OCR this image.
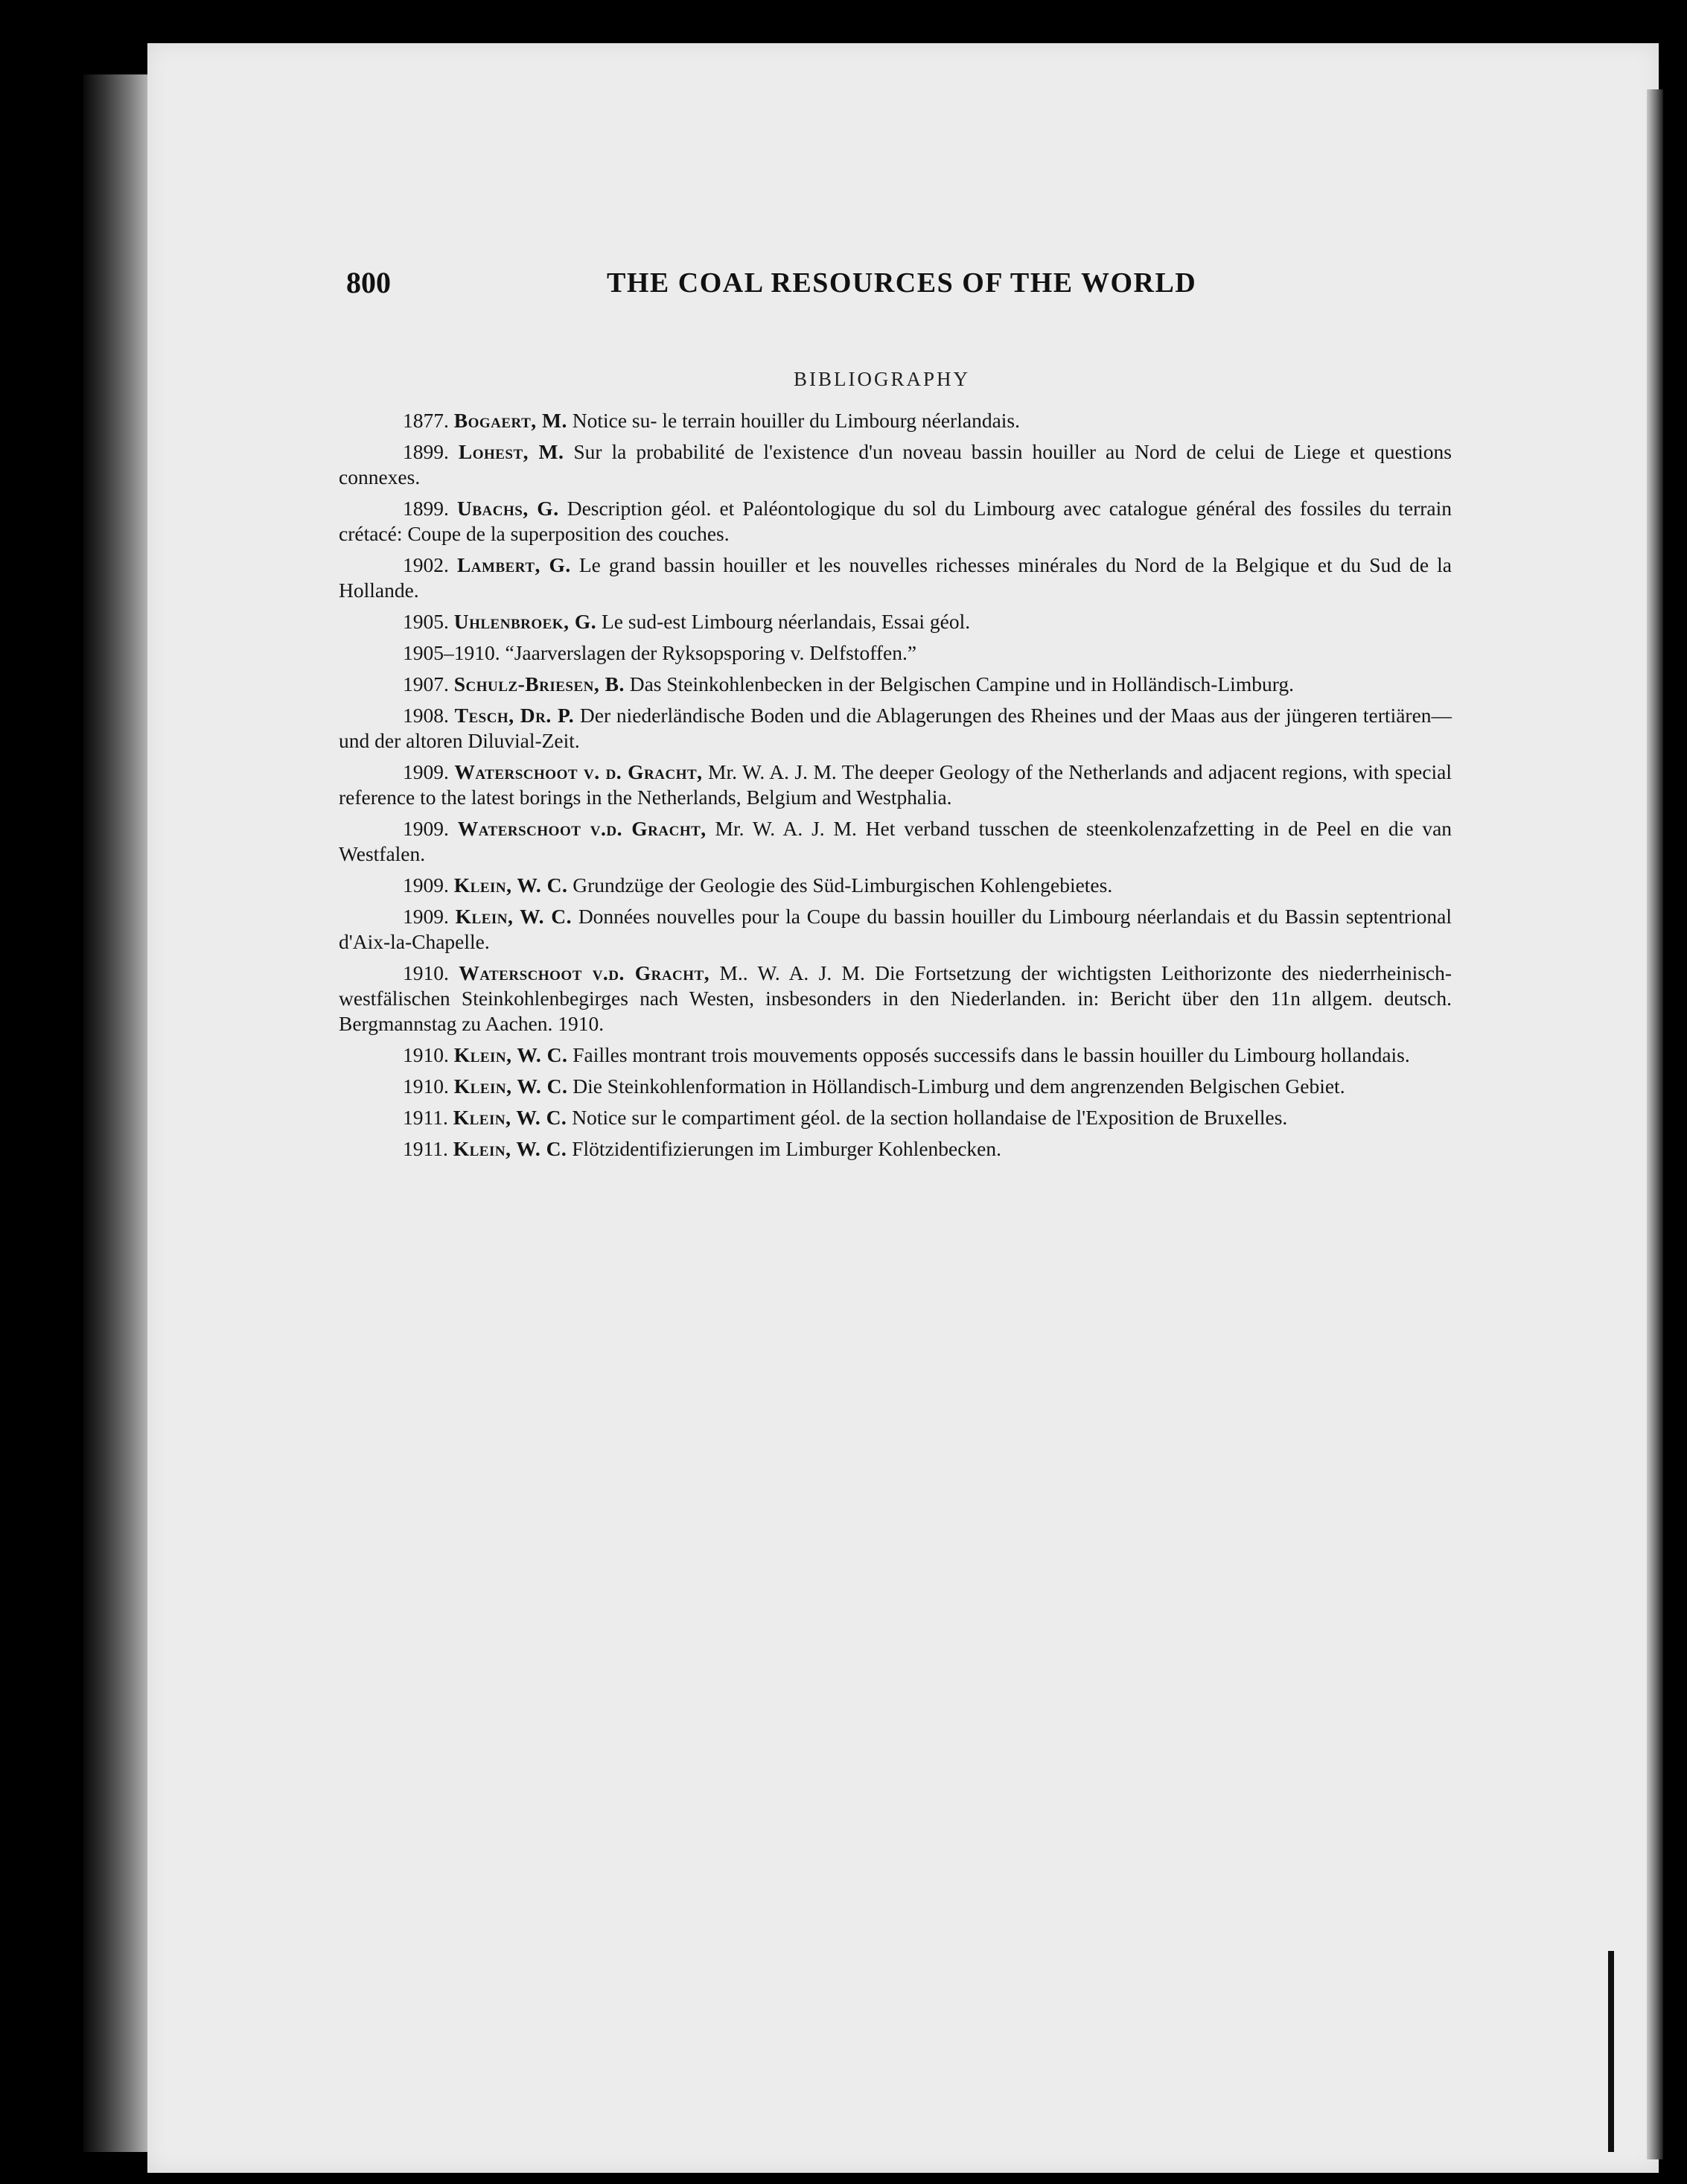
800	THE COAL RESOURCES OF THE WORLD
BIBLIOGRAPHY

1877. Bogaert, M. Notice su- le terrain houiller du Limbourg néerlandais.

1899. Lohest, M. Sur la probabilité de l'existence d'un noveau bassin houiller au Nord de celui de Liege et questions connexes.

1899. Ubachs, G. Description géol. et Paléontologique du sol du Limbourg avec catalogue général des fossiles du terrain crétacé: Coupe de la superposition des couches.

1902. Lambert, G. Le grand bassin houiller et les nouvelles richesses minérales du Nord de la Belgique et du Sud de la Hollande.

1905. Uhlenbroek, G. Le sud-est Limbourg néerlandais, Essai géol.

1905–1910. “Jaarverslagen der Ryksopsporing v. Delfstoffen.”

1907. Schulz-Briesen, B. Das Steinkohlenbecken in der Belgischen Campine und in Holländisch-Limburg.

1908. Tesch, Dr. P. Der niederländische Boden und die Ablagerungen des Rheines und der Maas aus der jüngeren tertiären—und der altoren Diluvial-Zeit.

1909. Waterschoot v. d. Gracht, Mr. W. A. J. M. The deeper Geology of the Netherlands and adjacent regions, with special reference to the latest borings in the Netherlands, Belgium and Westphalia.

1909. Waterschoot v.d. Gracht, Mr. W. A. J. M. Het verband tusschen de steenkolenzafzetting in de Peel en die van Westfalen.

1909. Klein, W. C. Grundzüge der Geologie des Süd-Limburgischen Kohlengebietes.

1909. Klein, W. C. Données nouvelles pour la Coupe du bassin houiller du Limbourg néerlandais et du Bassin septentrional d'Aix-la-Chapelle.

1910. Waterschoot v.d. Gracht, M.. W. A. J. M. Die Fortsetzung der wichtigsten Leithorizonte des niederrheinisch-westfälischen Steinkohlenbegirges nach Westen, insbesonders in den Niederlanden. in: Bericht über den 11n allgem. deutsch. Bergmannstag zu Aachen. 1910.

1910. Klein, W. C. Failles montrant trois mouvements opposés successifs dans le bassin houiller du Limbourg hollandais.

1910. Klein, W. C. Die Steinkohlenformation in Höllandisch-Limburg und dem angrenzenden Belgischen Gebiet.

1911. Klein, W. C. Notice sur le compartiment géol. de la section hollandaise de l'Exposition de Bruxelles.

1911. Klein, W. C. Flötzidentifizierungen im Limburger Kohlenbecken.
